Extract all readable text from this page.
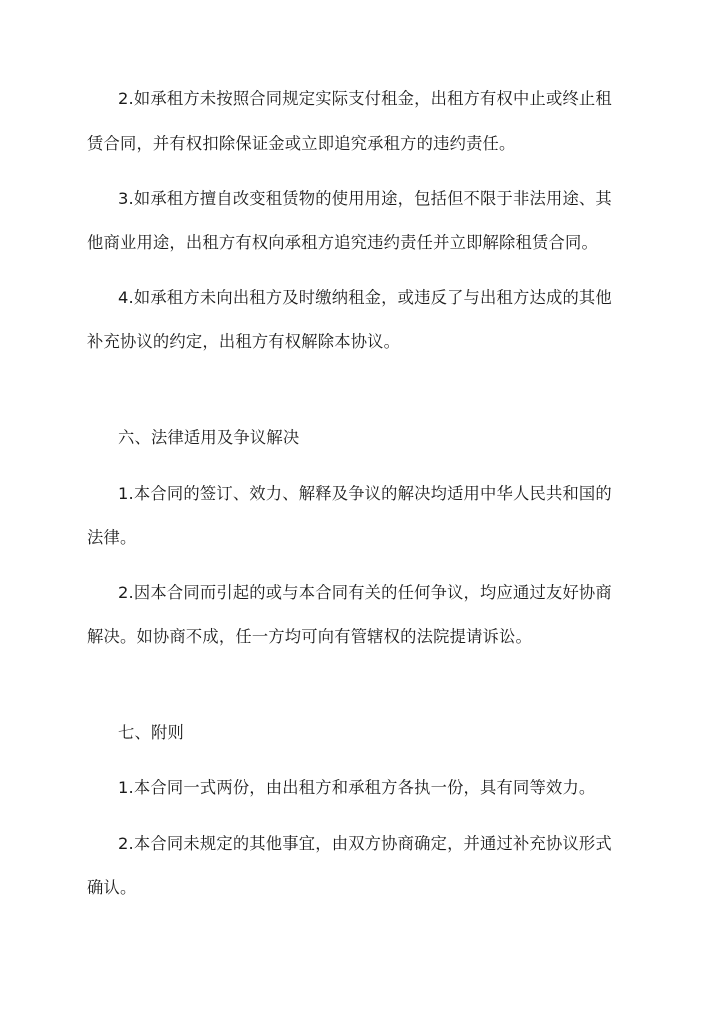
2.如承租方未按照合同规定实际支付租金，出租方有权中止或终止租
赁合同，并有权扣除保证金或立即追究承租方的违约责任。
3.如承租方擅自改变租赁物的使用用途，包括但不限于非法用途、其
他商业用途，出租方有权向承租方追究违约责任并立即解除租赁合同。
4.如承租方未向出租方及时缴纳租金，或违反了与出租方达成的其他
补充协议的约定，出租方有权解除本协议。
六、法律适用及争议解决
1.本合同的签订、效力、解释及争议的解决均适用中华人民共和国的
法律。
2.因本合同而引起的或与本合同有关的任何争议，均应通过友好协商
解决。如协商不成，任一方均可向有管辖权的法院提请诉讼。
七、附则
1.本合同一式两份，由出租方和承租方各执一份，具有同等效力。
2.本合同未规定的其他事宜，由双方协商确定，并通过补充协议形式
确认。
